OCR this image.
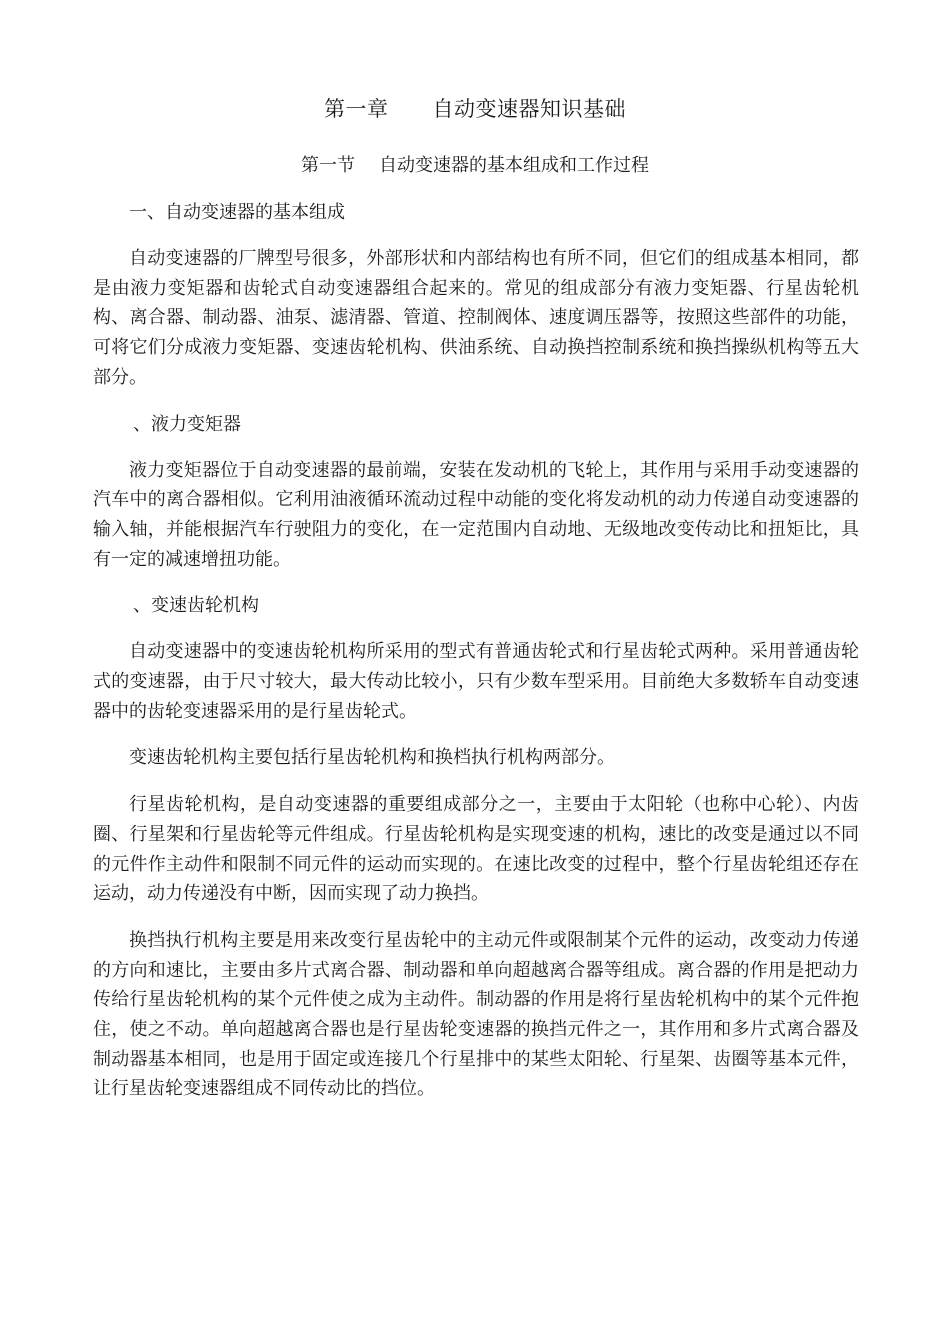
第一章 自动变速器知识基础
第一节 自动变速器的基本组成和工作过程
一、自动变速器的基本组成

自动变速器的厂牌型号很多，外部形状和内部结构也有所不同，但它们的组成基本相同，都是由液力变矩器和齿轮式自动变速器组合起来的。常见的组成部分有液力变矩器、行星齿轮机构、离合器、制动器、油泵、滤清器、管道、控制阀体、速度调压器等，按照这些部件的功能，可将它们分成液力变矩器、变速齿轮机构、供油系统、自动换挡控制系统和换挡操纵机构等五大部分。

、液力变矩器

液力变矩器位于自动变速器的最前端，安装在发动机的飞轮上，其作用与采用手动变速器的汽车中的离合器相似。它利用油液循环流动过程中动能的变化将发动机的动力传递自动变速器的输入轴，并能根据汽车行驶阻力的变化，在一定范围内自动地、无级地改变传动比和扭矩比，具有一定的减速增扭功能。

、变速齿轮机构

自动变速器中的变速齿轮机构所采用的型式有普通齿轮式和行星齿轮式两种。采用普通齿轮式的变速器，由于尺寸较大，最大传动比较小，只有少数车型采用。目前绝大多数轿车自动变速器中的齿轮变速器采用的是行星齿轮式。

变速齿轮机构主要包括行星齿轮机构和换档执行机构两部分。

行星齿轮机构，是自动变速器的重要组成部分之一，主要由于太阳轮（也称中心轮）、内齿圈、行星架和行星齿轮等元件组成。行星齿轮机构是实现变速的机构，速比的改变是通过以不同的元件作主动件和限制不同元件的运动而实现的。在速比改变的过程中，整个行星齿轮组还存在运动，动力传递没有中断，因而实现了动力换挡。

换挡执行机构主要是用来改变行星齿轮中的主动元件或限制某个元件的运动，改变动力传递的方向和速比，主要由多片式离合器、制动器和单向超越离合器等组成。离合器的作用是把动力传给行星齿轮机构的某个元件使之成为主动件。制动器的作用是将行星齿轮机构中的某个元件抱住，使之不动。单向超越离合器也是行星齿轮变速器的换挡元件之一，其作用和多片式离合器及制动器基本相同，也是用于固定或连接几个行星排中的某些太阳轮、行星架、齿圈等基本元件，让行星齿轮变速器组成不同传动比的挡位。
